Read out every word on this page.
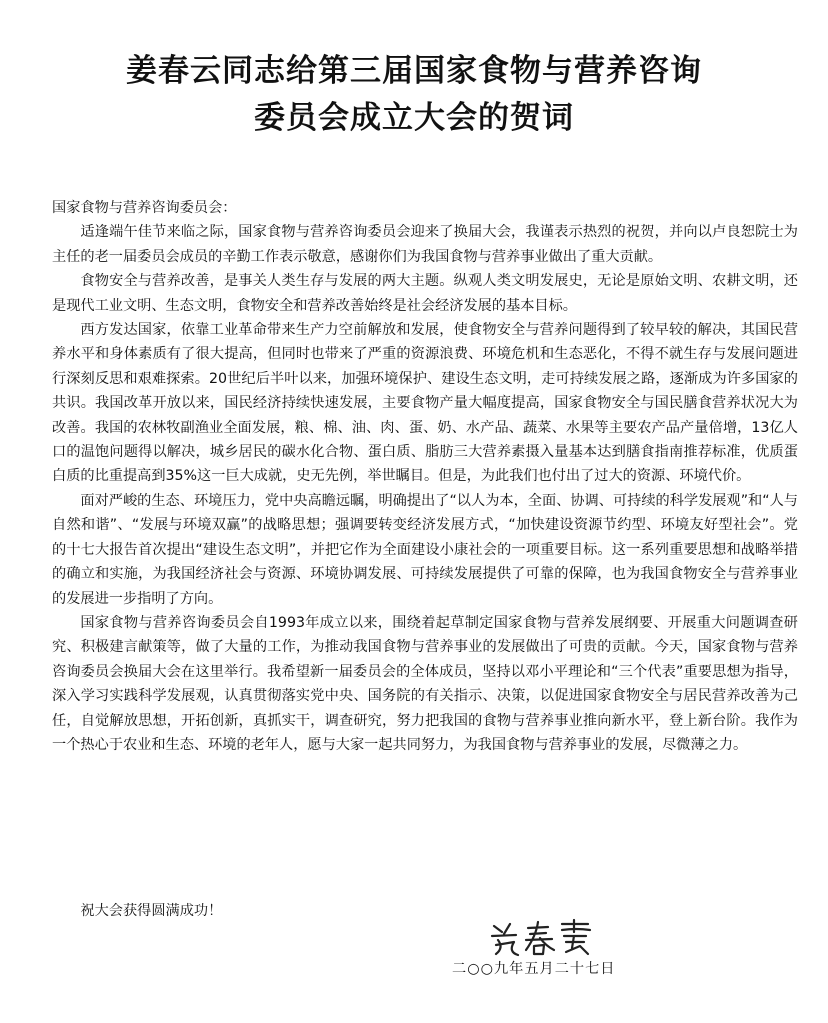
姜春云同志给第三届国家食物与营养咨询
委员会成立大会的贺词

国家食物与营养咨询委员会：

适逢端午佳节来临之际，国家食物与营养咨询委员会迎来了换届大会，我谨表示热烈的祝贺，并向以卢良恕院士为主任的老一届委员会成员的辛勤工作表示敬意，感谢你们为我国食物与营养事业做出了重大贡献。

食物安全与营养改善，是事关人类生存与发展的两大主题。纵观人类文明发展史，无论是原始文明、农耕文明，还是现代工业文明、生态文明，食物安全和营养改善始终是社会经济发展的基本目标。

西方发达国家，依靠工业革命带来生产力空前解放和发展，使食物安全与营养问题得到了较早较的解决，其国民营养水平和身体素质有了很大提高，但同时也带来了严重的资源浪费、环境危机和生态恶化，不得不就生存与发展问题进行深刻反思和艰难探索。20世纪后半叶以来，加强环境保护、建设生态文明，走可持续发展之路，逐渐成为许多国家的共识。我国改革开放以来，国民经济持续快速发展，主要食物产量大幅度提高，国家食物安全与国民膳食营养状况大为改善。我国的农林牧副渔业全面发展，粮、棉、油、肉、蛋、奶、水产品、蔬菜、水果等主要农产品产量倍增，13亿人口的温饱问题得以解决，城乡居民的碳水化合物、蛋白质、脂肪三大营养素摄入量基本达到膳食指南推荐标准，优质蛋白质的比重提高到35%这一巨大成就，史无先例，举世瞩目。但是，为此我们也付出了过大的资源、环境代价。

面对严峻的生态、环境压力，党中央高瞻远瞩，明确提出了“以人为本，全面、协调、可持续的科学发展观”和“人与自然和谐”、“发展与环境双赢”的战略思想；强调要转变经济发展方式，“加快建设资源节约型、环境友好型社会”。党的十七大报告首次提出“建设生态文明”，并把它作为全面建设小康社会的一项重要目标。这一系列重要思想和战略举措的确立和实施，为我国经济社会与资源、环境协调发展、可持续发展提供了可靠的保障，也为我国食物安全与营养事业的发展进一步指明了方向。

国家食物与营养咨询委员会自1993年成立以来，围绕着起草制定国家食物与营养发展纲要、开展重大问题调查研究、积极建言献策等，做了大量的工作，为推动我国食物与营养事业的发展做出了可贵的贡献。今天，国家食物与营养咨询委员会换届大会在这里举行。我希望新一届委员会的全体成员，坚持以邓小平理论和“三个代表”重要思想为指导，深入学习实践科学发展观，认真贯彻落实党中央、国务院的有关指示、决策，以促进国家食物安全与居民营养改善为己任，自觉解放思想，开拓创新，真抓实干，调查研究，努力把我国的食物与营养事业推向新水平，登上新台阶。我作为一个热心于农业和生态、环境的老年人，愿与大家一起共同努力，为我国食物与营养事业的发展，尽微薄之力。

祝大会获得圆满成功！

二○○九年五月二十七日
